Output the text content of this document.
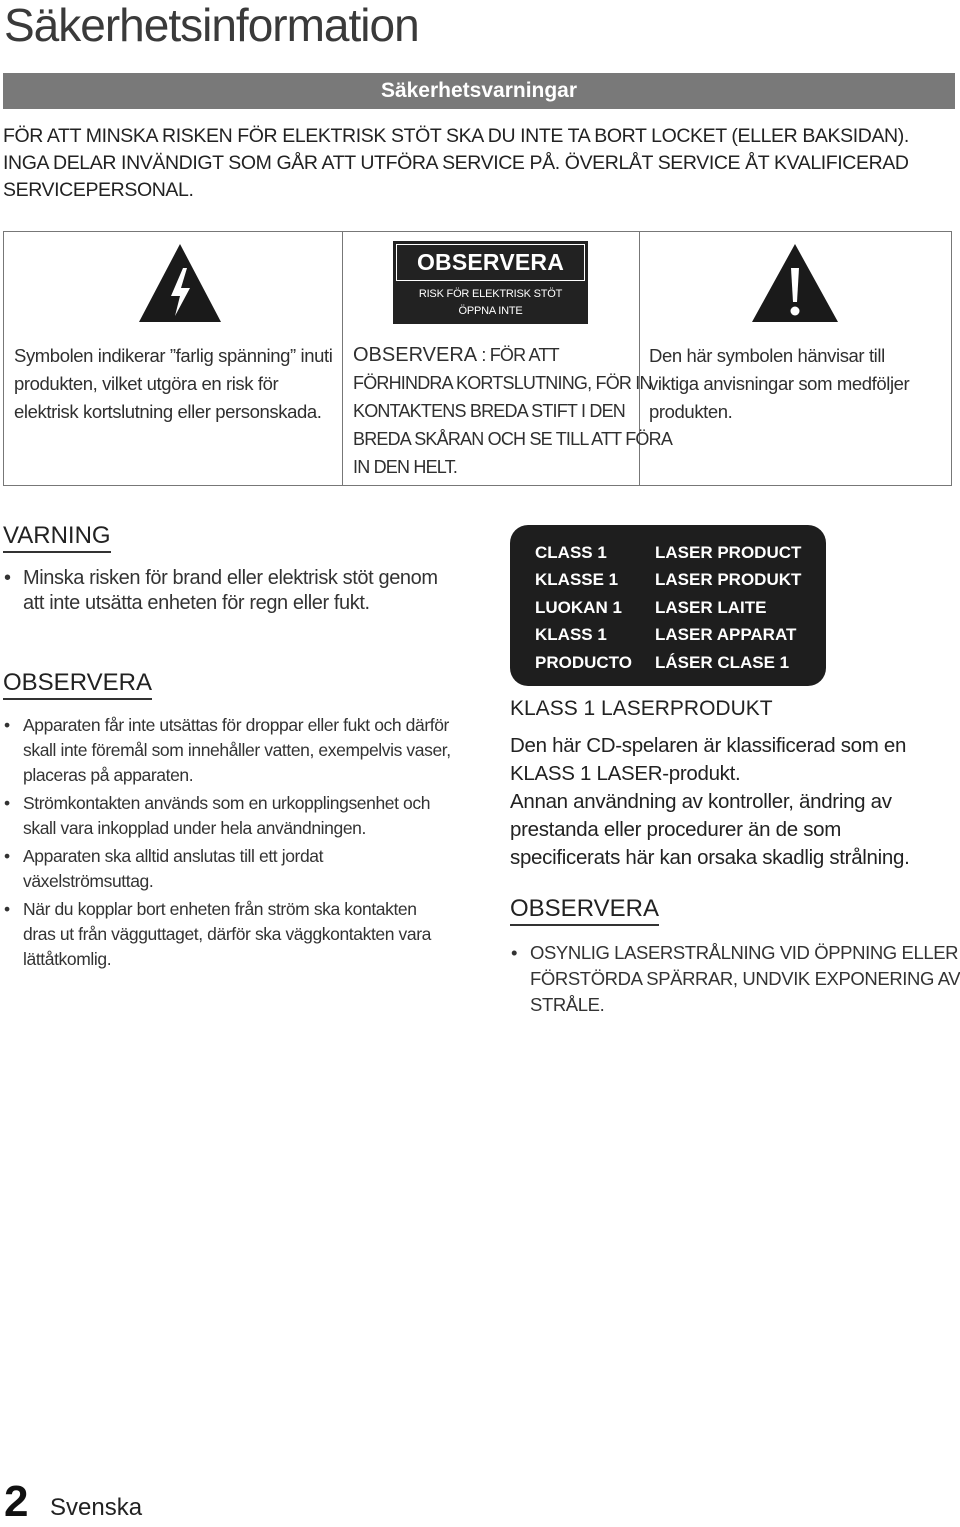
Säkerhetsinformation
Säkerhetsvarningar

FÖR ATT MINSKA RISKEN FÖR ELEKTRISK STÖT SKA DU INTE TA BORT LOCKET (ELLER BAKSIDAN).
INGA DELAR INVÄNDIGT SOM GÅR ATT UTFÖRA SERVICE PÅ. ÖVERLÅT SERVICE ÅT KVALIFICERAD
SERVICEPERSONAL.

Symbolen indikerar ”farlig spänning” inuti
produkten, vilket utgöra en risk för
elektrisk kortslutning eller personskada.

OBSERVERA
RISK FÖR ELEKTRISK STÖT
ÖPPNA INTE

OBSERVERA : FÖR ATT
FÖRHINDRA KORTSLUTNING, FÖR IN
KONTAKTENS BREDA STIFT I DEN
BREDA SKÅRAN OCH SE TILL ATT FÖRA
IN DEN HELT.

Den här symbolen hänvisar till
viktiga anvisningar som medföljer
produkten.

VARNING
• Minska risken för brand eller elektrisk stöt genom
att inte utsätta enheten för regn eller fukt.
OBSERVERA
• Apparaten får inte utsättas för droppar eller fukt och därför
skall inte föremål som innehåller vatten, exempelvis vaser,
placeras på apparaten.
• Strömkontakten används som en urkopplingsenhet och
skall vara inkopplad under hela användningen.
• Apparaten ska alltid anslutas till ett jordat
växelströmsuttag.
• När du kopplar bort enheten från ström ska kontakten
dras ut från vägguttaget, därför ska väggkontakten vara
lättåtkomlig.
CLASS 1	LASER PRODUCT
KLASSE 1	LASER PRODUKT
LUOKAN 1	LASER LAITE
KLASS 1	LASER APPARAT
PRODUCTO	LÁSER CLASE 1
KLASS 1 LASERPRODUKT

Den här CD-spelaren är klassificerad som en
KLASS 1 LASER-produkt.
Annan användning av kontroller, ändring av
prestanda eller procedurer än de som
specificerats här kan orsaka skadlig strålning.

OBSERVERA
• OSYNLIG LASERSTRÅLNING VID ÖPPNING ELLER
FÖRSTÖRDA SPÄRRAR, UNDVIK EXPONERING AV
STRÅLE.

2 Svenska
